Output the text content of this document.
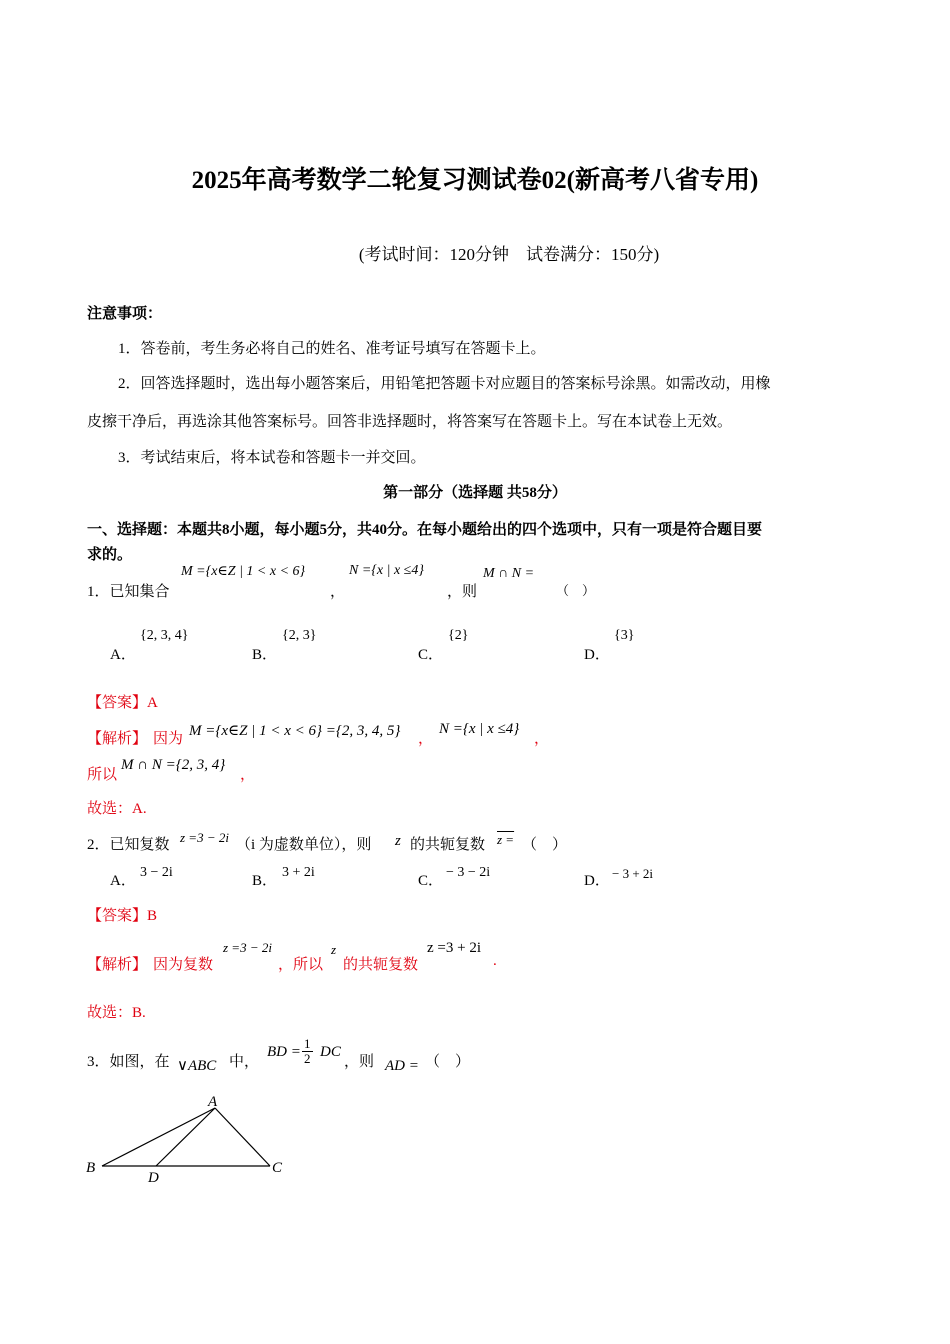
2025年高考数学二轮复习测试卷02(新高考八省专用)
(考试时间：120分钟　试卷满分：150分)
注意事项：
1．答卷前，考生务必将自己的姓名、准考证号填写在答题卡上。
2．回答选择题时，选出每小题答案后，用铅笔把答题卡对应题目的答案标号涂黑。如需改动，用橡
皮擦干净后，再选涂其他答案标号。回答非选择题时，将答案写在答题卡上。写在本试卷上无效。
3．考试结束后，将本试卷和答题卡一并交回。
第一部分（选择题 共58分）
一、选择题：本题共8小题，每小题5分，共40分。在每小题给出的四个选项中，只有一项是符合题目要
求的。
1．已知集合
M ={x∈Z | 1 < x < 6}
，
N ={x | x ≤4}
，则
M ∩ N =
（　）
A．
{2, 3, 4}
B．
{2, 3}
C．
{2}
D．
{3}
【答案】A
【解析】 因为 M ={x∈Z | 1 < x < 6} ={2, 3, 4, 5} ，
N ={x | x ≤4}
，
所以
M ∩ N ={2, 3, 4}
，
故选：A.
2．已知复数 z =3 − 2i （i 为虚数单位），则 z 的共轭复数 z = （　）
A．
3 − 2i
B．
3 + 2i
C．
− 3 − 2i
D． − 3 + 2i
【答案】B
【解析】 因为复数
z =3 − 2i
，所以
z
的共轭复数
z =3 + 2i
.
故选：B.
3．如图，在 ∨ABC 中，
BD = $\frac{1}{2}$ DC
，则 AD = （　）
A
B	C
D
